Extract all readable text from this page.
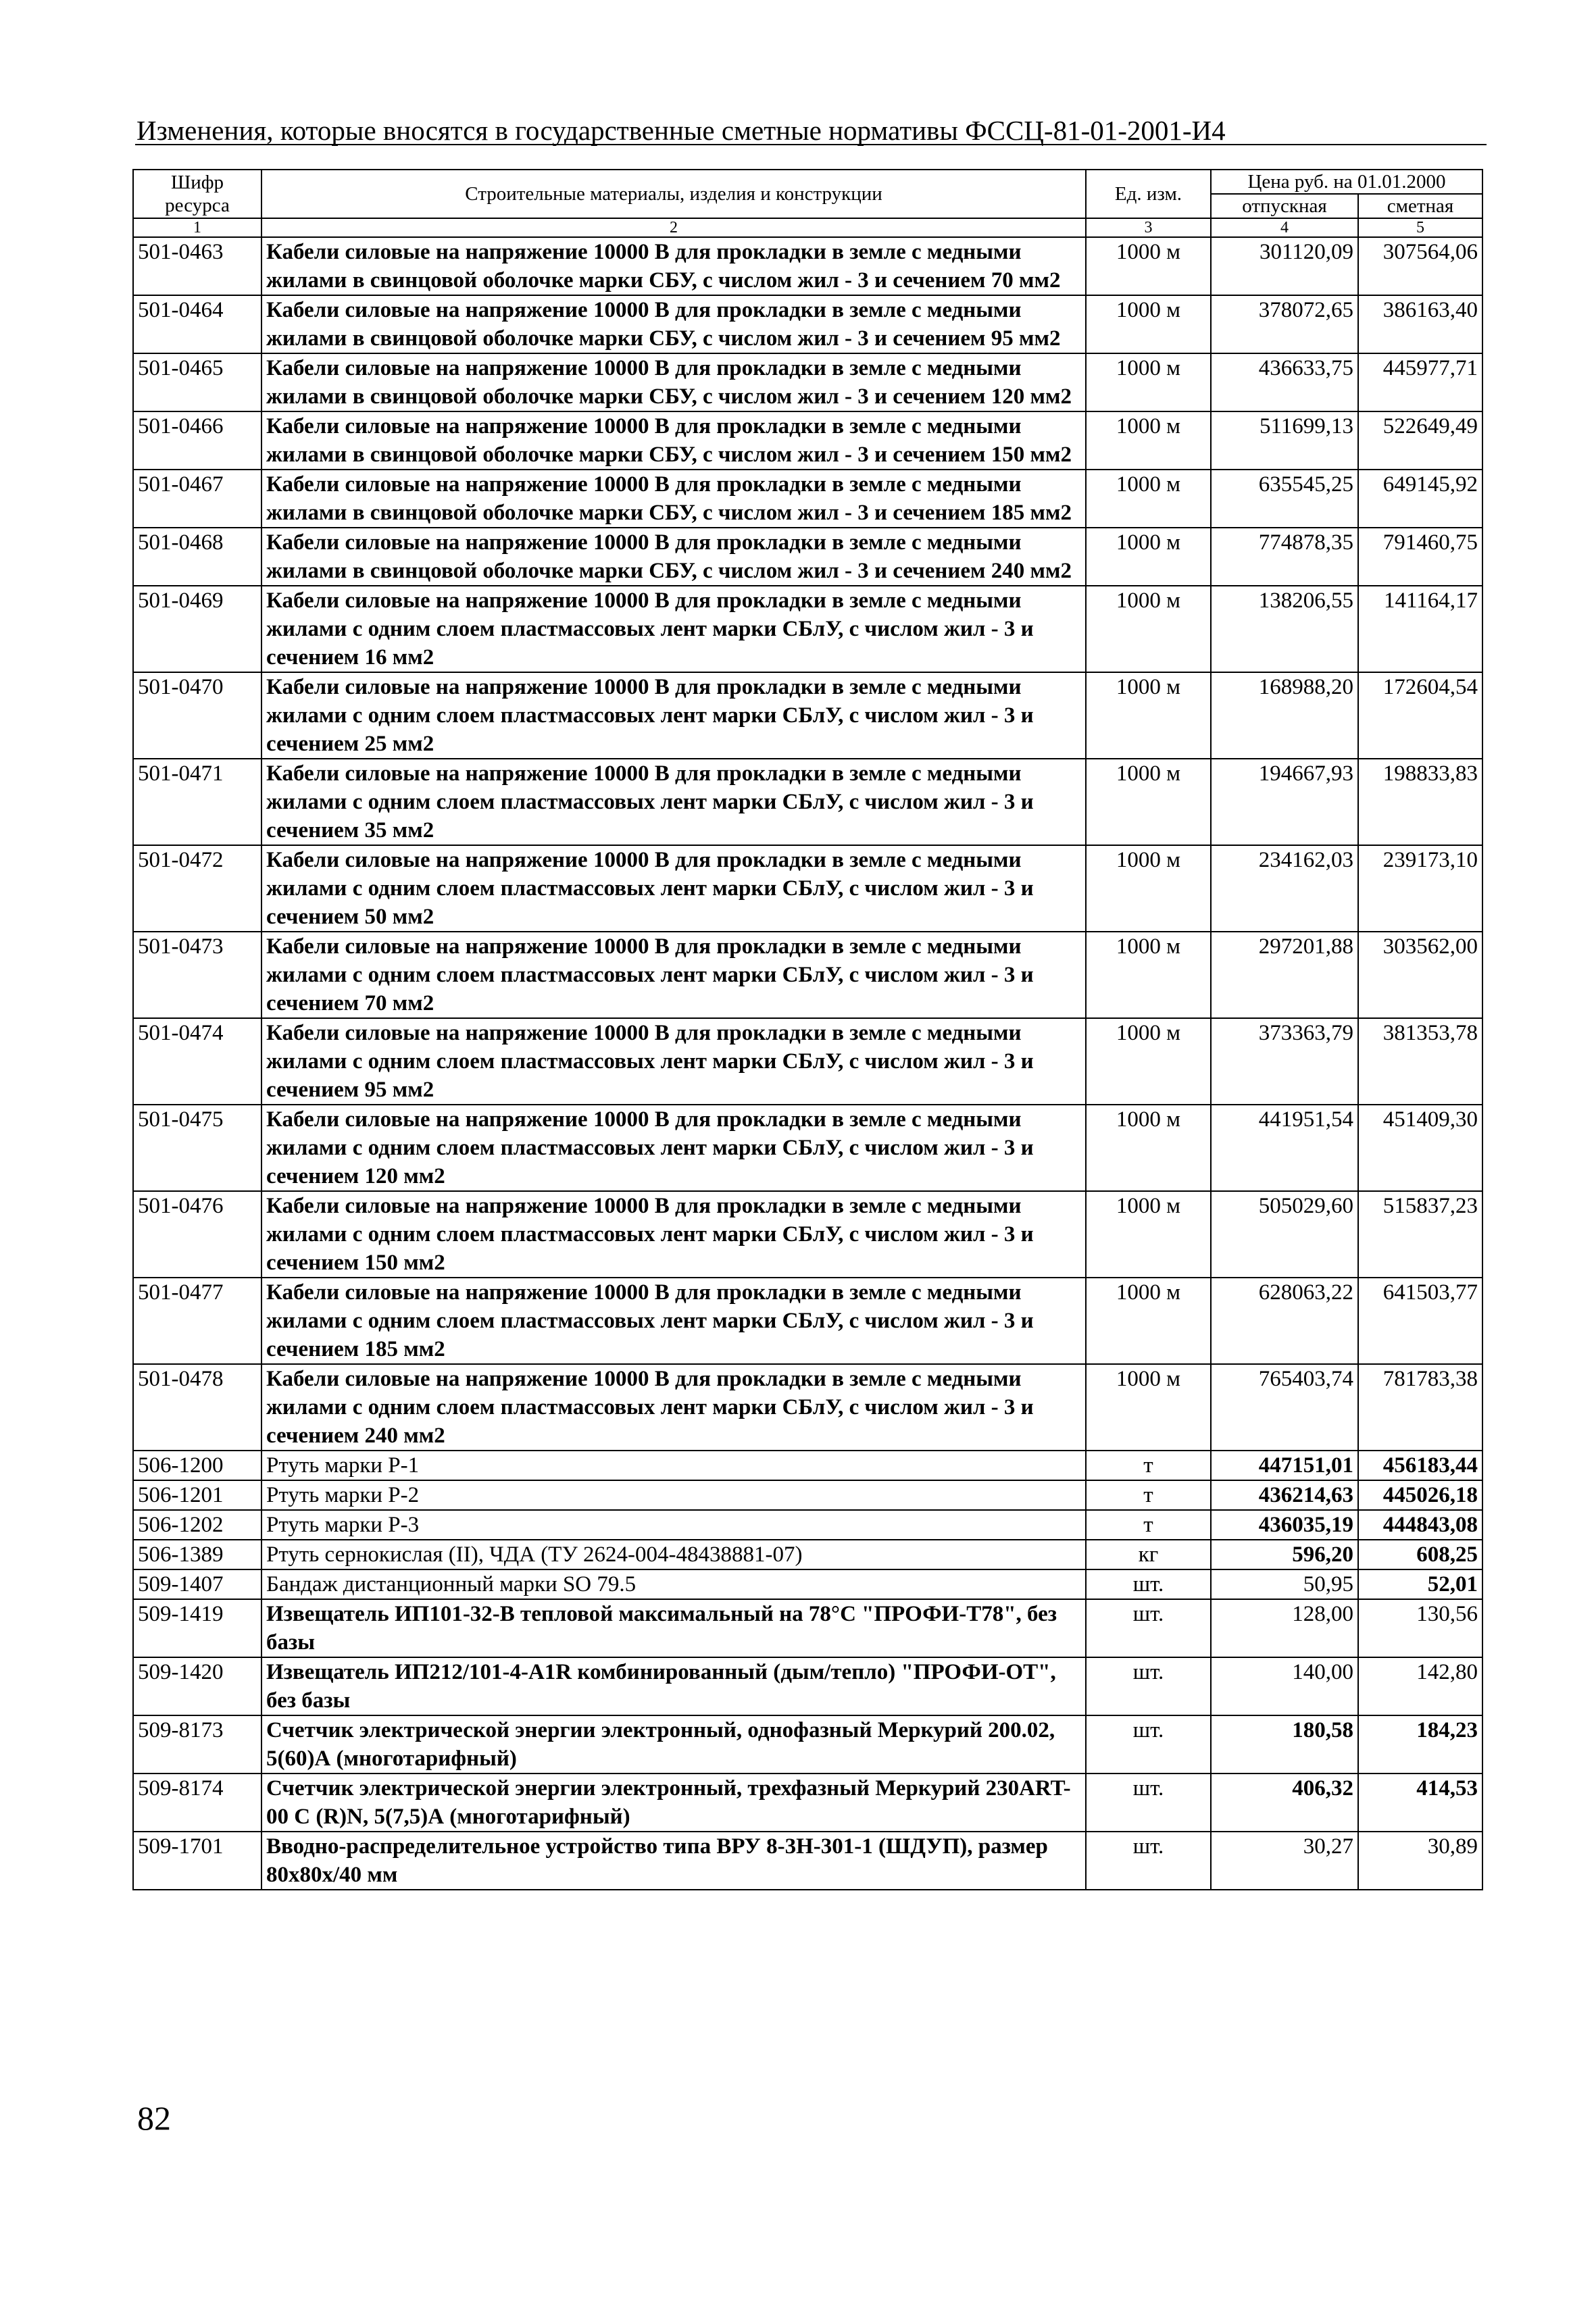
Изменения, которые вносятся в государственные сметные нормативы ФССЦ-81-01-2001-И4
Шифр ресурса	Строительные материалы, изделия и конструкции	Ед. изм.	Цена руб. на 01.01.2000	
			отпускная	сметная
1	2	3	4	5
501-0463	Кабели силовые на напряжение 10000 В для прокладки в земле с медными жилами в свинцовой оболочке марки СБУ, с числом жил - 3 и сечением 70 мм2	1000 м	301120,09	307564,06
501-0464	Кабели силовые на напряжение 10000 В для прокладки в земле с медными жилами в свинцовой оболочке марки СБУ, с числом жил - 3 и сечением 95 мм2	1000 м	378072,65	386163,40
501-0465	Кабели силовые на напряжение 10000 В для прокладки в земле с медными жилами в свинцовой оболочке марки СБУ, с числом жил - 3 и сечением 120 мм2	1000 м	436633,75	445977,71
501-0466	Кабели силовые на напряжение 10000 В для прокладки в земле с медными жилами в свинцовой оболочке марки СБУ, с числом жил - 3 и сечением 150 мм2	1000 м	511699,13	522649,49
501-0467	Кабели силовые на напряжение 10000 В для прокладки в земле с медными жилами в свинцовой оболочке марки СБУ, с числом жил - 3 и сечением 185 мм2	1000 м	635545,25	649145,92
501-0468	Кабели силовые на напряжение 10000 В для прокладки в земле с медными жилами в свинцовой оболочке марки СБУ, с числом жил - 3 и сечением 240 мм2	1000 м	774878,35	791460,75
501-0469	Кабели силовые на напряжение 10000 В для прокладки в земле с медными жилами с одним слоем пластмассовых лент марки СБлУ, с числом жил - 3 и сечением 16 мм2	1000 м	138206,55	141164,17
501-0470	Кабели силовые на напряжение 10000 В для прокладки в земле с медными жилами с одним слоем пластмассовых лент марки СБлУ, с числом жил - 3 и сечением 25 мм2	1000 м	168988,20	172604,54
501-0471	Кабели силовые на напряжение 10000 В для прокладки в земле с медными жилами с одним слоем пластмассовых лент марки СБлУ, с числом жил - 3 и сечением 35 мм2	1000 м	194667,93	198833,83
501-0472	Кабели силовые на напряжение 10000 В для прокладки в земле с медными жилами с одним слоем пластмассовых лент марки СБлУ, с числом жил - 3 и сечением 50 мм2	1000 м	234162,03	239173,10
501-0473	Кабели силовые на напряжение 10000 В для прокладки в земле с медными жилами с одним слоем пластмассовых лент марки СБлУ, с числом жил - 3 и сечением 70 мм2	1000 м	297201,88	303562,00
501-0474	Кабели силовые на напряжение 10000 В для прокладки в земле с медными жилами с одним слоем пластмассовых лент марки СБлУ, с числом жил - 3 и сечением 95 мм2	1000 м	373363,79	381353,78
501-0475	Кабели силовые на напряжение 10000 В для прокладки в земле с медными жилами с одним слоем пластмассовых лент марки СБлУ, с числом жил - 3 и сечением 120 мм2	1000 м	441951,54	451409,30
501-0476	Кабели силовые на напряжение 10000 В для прокладки в земле с медными жилами с одним слоем пластмассовых лент марки СБлУ, с числом жил - 3 и сечением 150 мм2	1000 м	505029,60	515837,23
501-0477	Кабели силовые на напряжение 10000 В для прокладки в земле с медными жилами с одним слоем пластмассовых лент марки СБлУ, с числом жил - 3 и сечением 185 мм2	1000 м	628063,22	641503,77
501-0478	Кабели силовые на напряжение 10000 В для прокладки в земле с медными жилами с одним слоем пластмассовых лент марки СБлУ, с числом жил - 3 и сечением 240 мм2	1000 м	765403,74	781783,38
506-1200	Ртуть марки Р-1	т	447151,01	456183,44
506-1201	Ртуть марки Р-2	т	436214,63	445026,18
506-1202	Ртуть марки Р-3	т	436035,19	444843,08
506-1389	Ртуть сернокислая (II), ЧДА (ТУ 2624-004-48438881-07)	кг	596,20	608,25
509-1407	Бандаж дистанционный марки SO 79.5	шт.	50,95	52,01
509-1419	Извещатель ИП101-32-В тепловой максимальный на 78°С "ПРОФИ-Т78", без базы	шт.	128,00	130,56
509-1420	Извещатель ИП212/101-4-А1R комбинированный (дым/тепло) "ПРОФИ-ОТ", без базы	шт.	140,00	142,80
509-8173	Счетчик электрической энергии электронный, однофазный Меркурий 200.02, 5(60)А (многотарифный)	шт.	180,58	184,23
509-8174	Счетчик электрической энергии электронный, трехфазный Меркурий 230ART-00 С (R)N, 5(7,5)А (многотарифный)	шт.	406,32	414,53
509-1701	Вводно-распределительное устройство типа ВРУ 8-3Н-301-1 (ШДУП), размер 80х80х/40 мм	шт.	30,27	30,89
82
